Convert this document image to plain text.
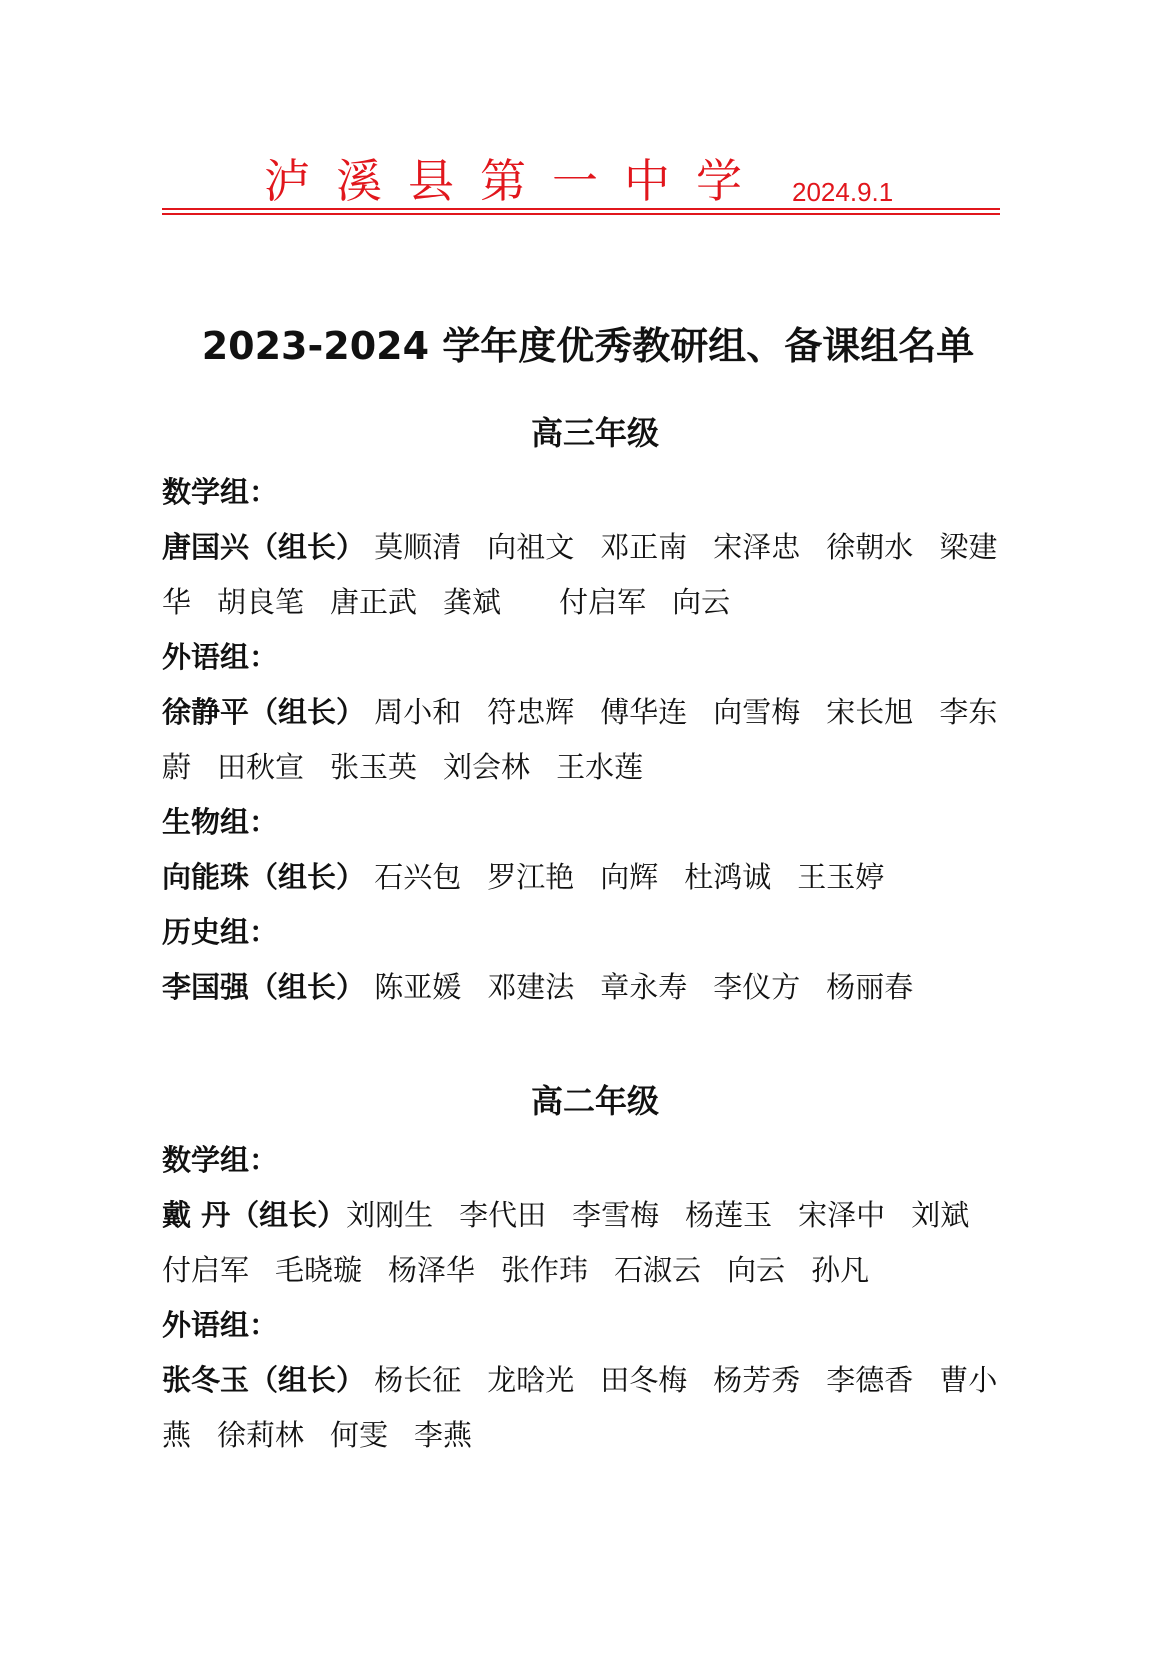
泸溪县第一中学 2024.9.1
2023-2024 学年度优秀教研组、备课组名单
高三年级
数学组：
唐国兴（组长） 莫顺清 向祖文 邓正南 宋泽忠 徐朝水 梁建华 胡良笔 唐正武 龚斌 付启军 向云
外语组：
徐静平（组长） 周小和 符忠辉 傅华连 向雪梅 宋长旭 李东蔚 田秋宣 张玉英 刘会林 王水莲
生物组：
向能珠（组长） 石兴包 罗江艳 向辉 杜鸿诚 王玉婷
历史组：
李国强（组长） 陈亚媛 邓建法 章永寿 李仪方 杨丽春
高二年级
数学组：
戴 丹（组长）刘刚生 李代田 李雪梅 杨莲玉 宋泽中 刘斌付启军 毛晓璇 杨泽华 张作玮 石淑云 向云 孙凡
外语组：
张冬玉（组长） 杨长征 龙晗光 田冬梅 杨芳秀 李德香 曹小燕 徐莉林 何雯 李燕
